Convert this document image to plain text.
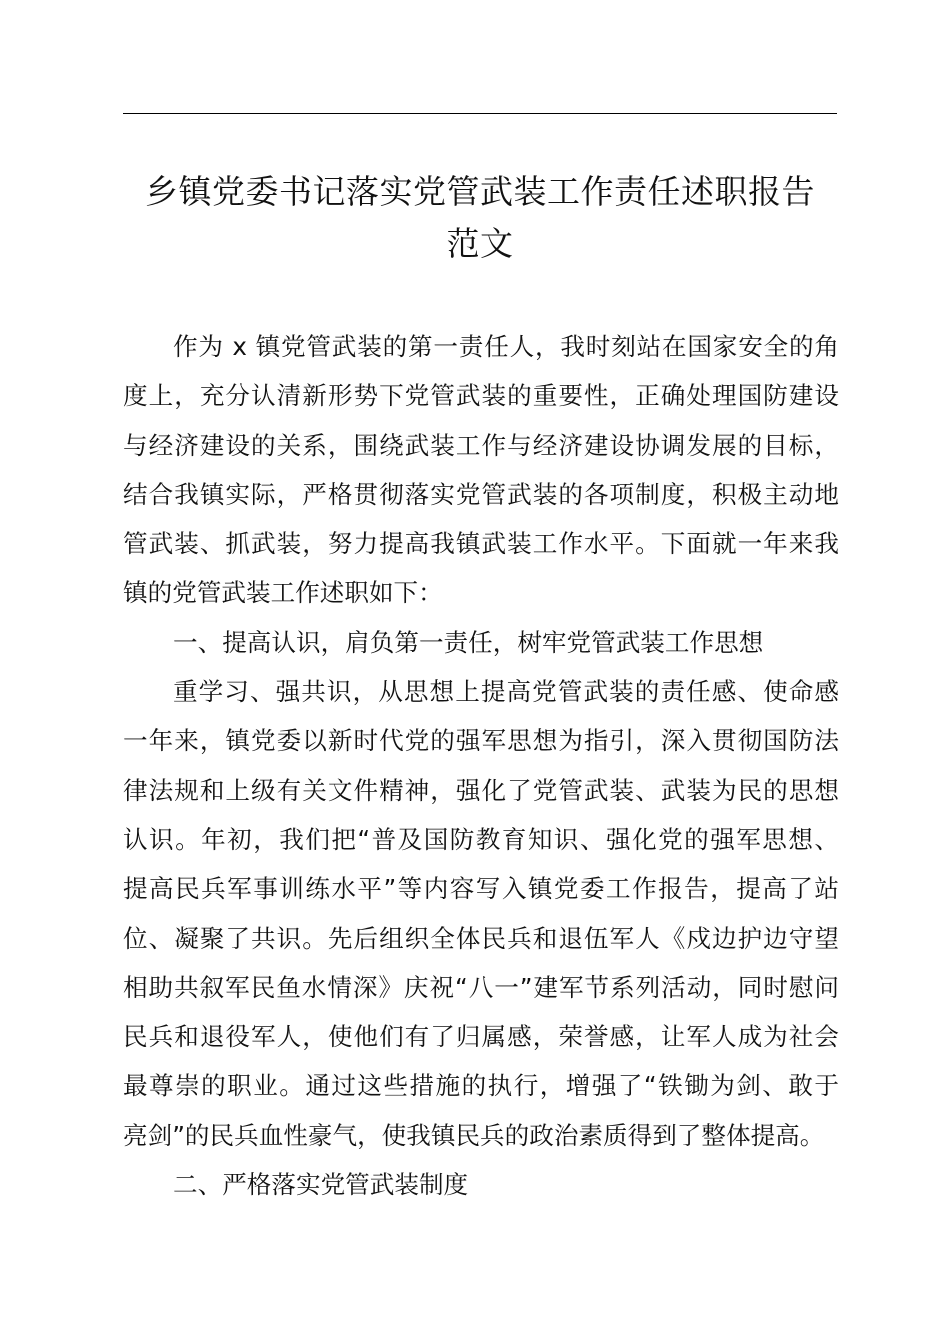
乡镇党委书记落实党管武装工作责任述职报告
范文
作为 x 镇党管武装的第一责任人，我时刻站在国家安全的角
度上，充分认清新形势下党管武装的重要性，正确处理国防建设
与经济建设的关系，围绕武装工作与经济建设协调发展的目标，
结合我镇实际，严格贯彻落实党管武装的各项制度，积极主动地
管武装、抓武装，努力提高我镇武装工作水平。下面就一年来我
镇的党管武装工作述职如下：
一、提高认识，肩负第一责任，树牢党管武装工作思想
重学习、强共识，从思想上提高党管武装的责任感、使命感
一年来，镇党委以新时代党的强军思想为指引，深入贯彻国防法
律法规和上级有关文件精神，强化了党管武装、武装为民的思想
认识。年初，我们把“普及国防教育知识、强化党的强军思想、
提高民兵军事训练水平”等内容写入镇党委工作报告，提高了站
位、凝聚了共识。先后组织全体民兵和退伍军人《戍边护边守望
相助共叙军民鱼水情深》庆祝“八一”建军节系列活动，同时慰问
民兵和退役军人，使他们有了归属感，荣誉感，让军人成为社会
最尊崇的职业。通过这些措施的执行，增强了“铁锄为剑、敢于
亮剑”的民兵血性豪气，使我镇民兵的政治素质得到了整体提高。
二、严格落实党管武装制度
